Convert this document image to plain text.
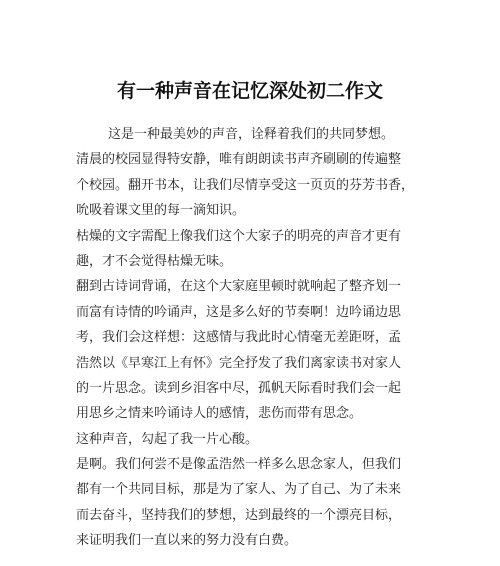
有一种声音在记忆深处初二作文
这是一种最美妙的声音，诠释着我们的共同梦想。
清晨的校园显得特安静，唯有朗朗读书声齐刷刷的传遍整
个校园。翻开书本，让我们尽情享受这一页页的芬芳书香，
吮吸着课文里的每一滴知识。
枯燥的文字需配上像我们这个大家子的明亮的声音才更有
趣，才不会觉得枯燥无味。
翻到古诗词背诵，在这个大家庭里顿时就响起了整齐划一
而富有诗情的吟诵声，这是多么好的节奏啊！边吟诵边思
考，我们会这样想：这感情与我此时心情毫无差距呀，孟
浩然以《早寒江上有怀》完全抒发了我们离家读书对家人
的一片思念。读到乡泪客中尽，孤帆天际看时我们会一起
用思乡之情来吟诵诗人的感情，悲伤而带有思念。
这种声音，勾起了我一片心酸。
是啊。我们何尝不是像孟浩然一样多么思念家人，但我们
都有一个共同目标，那是为了家人、为了自己、为了未来
而去奋斗，坚持我们的梦想，达到最终的一个漂亮目标，
来证明我们一直以来的努力没有白费。
